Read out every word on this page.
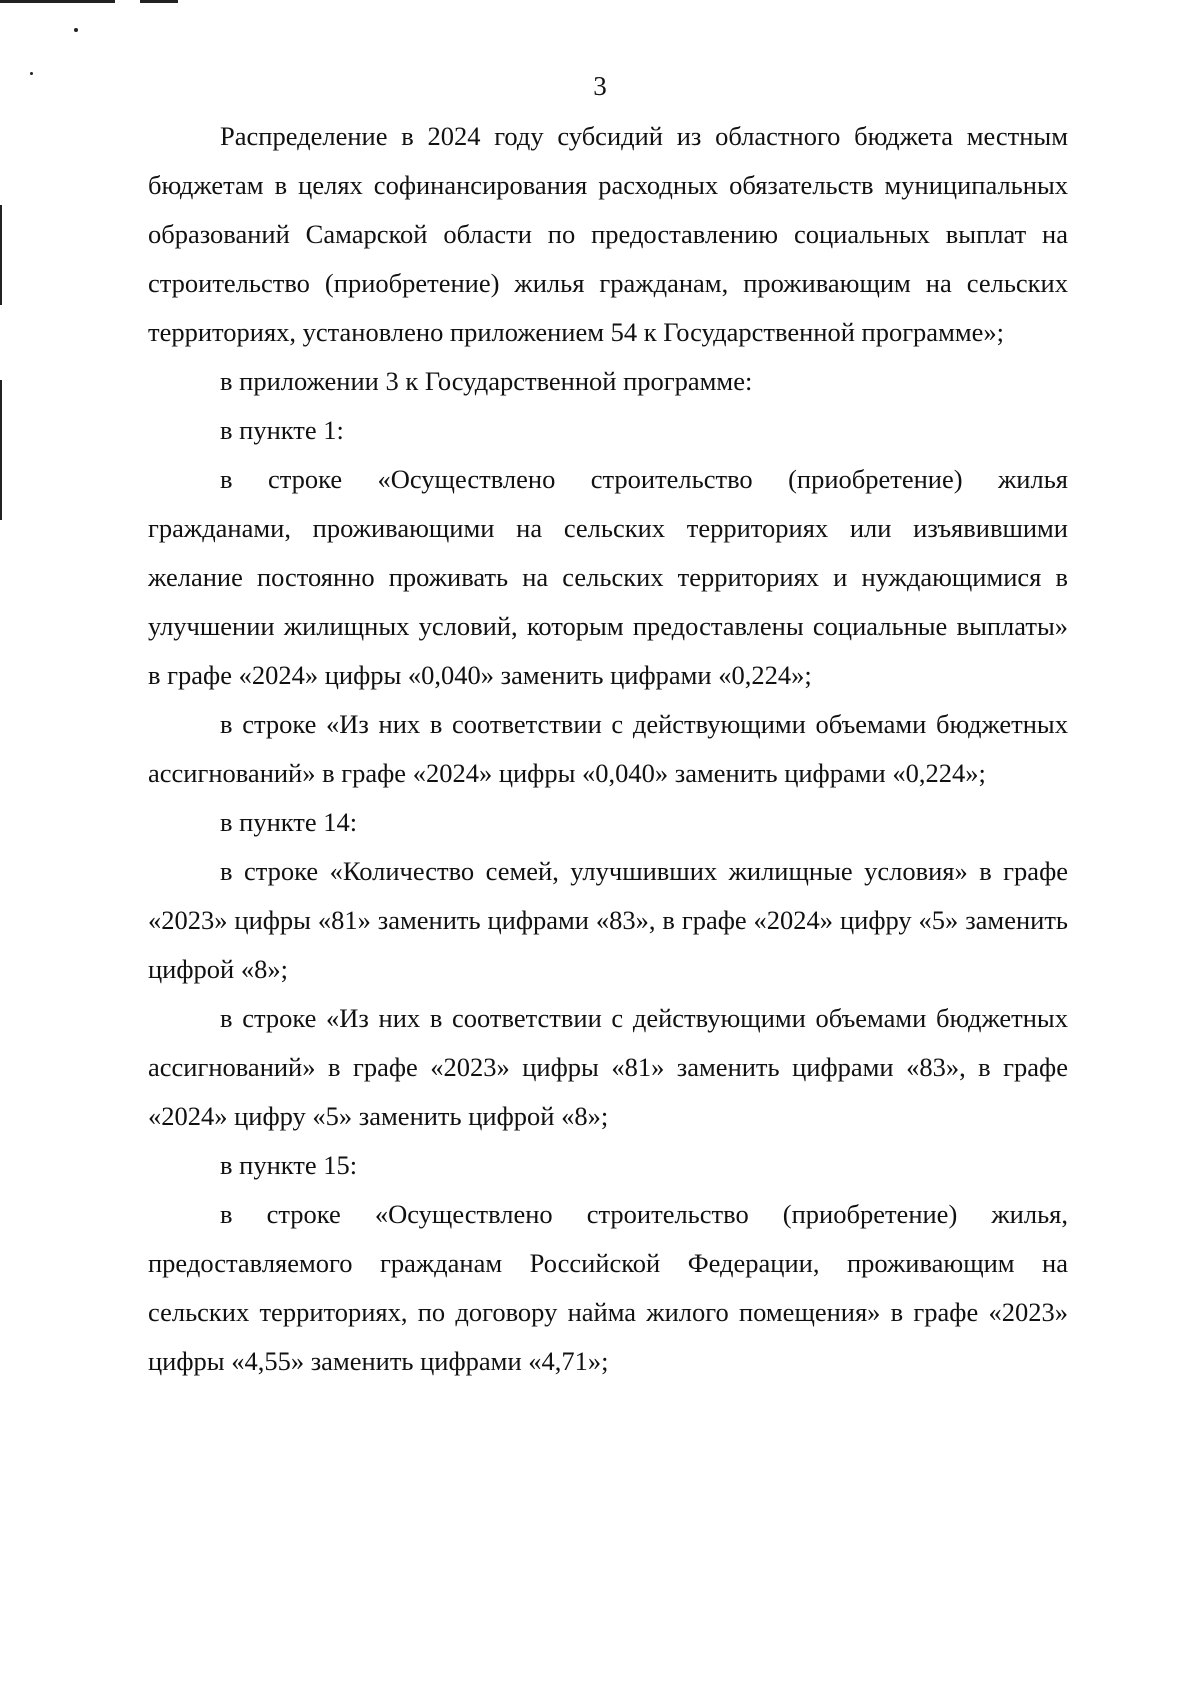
3

Распределение в 2024 году субсидий из областного бюджета местным бюджетам в целях софинансирования расходных обязательств муниципальных образований Самарской области по предоставлению социальных выплат на строительство (приобретение) жилья гражданам, проживающим на сельских территориях, установлено приложением 54 к Государственной программе»;

в приложении 3 к Государственной программе:

в пункте 1:

в строке «Осуществлено строительство (приобретение) жилья гражданами, проживающими на сельских территориях или изъявившими желание постоянно проживать на сельских территориях и нуждающимися в улучшении жилищных условий, которым предоставлены социальные выплаты» в графе «2024» цифры «0,040» заменить цифрами «0,224»;

в строке «Из них в соответствии с действующими объемами бюджетных ассигнований» в графе «2024» цифры «0,040» заменить цифрами «0,224»;

в пункте 14:

в строке «Количество семей, улучшивших жилищные условия» в графе «2023» цифры «81» заменить цифрами «83», в графе «2024» цифру «5» заменить цифрой «8»;

в строке «Из них в соответствии с действующими объемами бюджетных ассигнований» в графе «2023» цифры «81» заменить цифрами «83», в графе «2024» цифру «5» заменить цифрой «8»;

в пункте 15:

в строке «Осуществлено строительство (приобретение) жилья, предоставляемого гражданам Российской Федерации, проживающим на сельских территориях, по договору найма жилого помещения» в графе «2023» цифры «4,55» заменить цифрами «4,71»;
